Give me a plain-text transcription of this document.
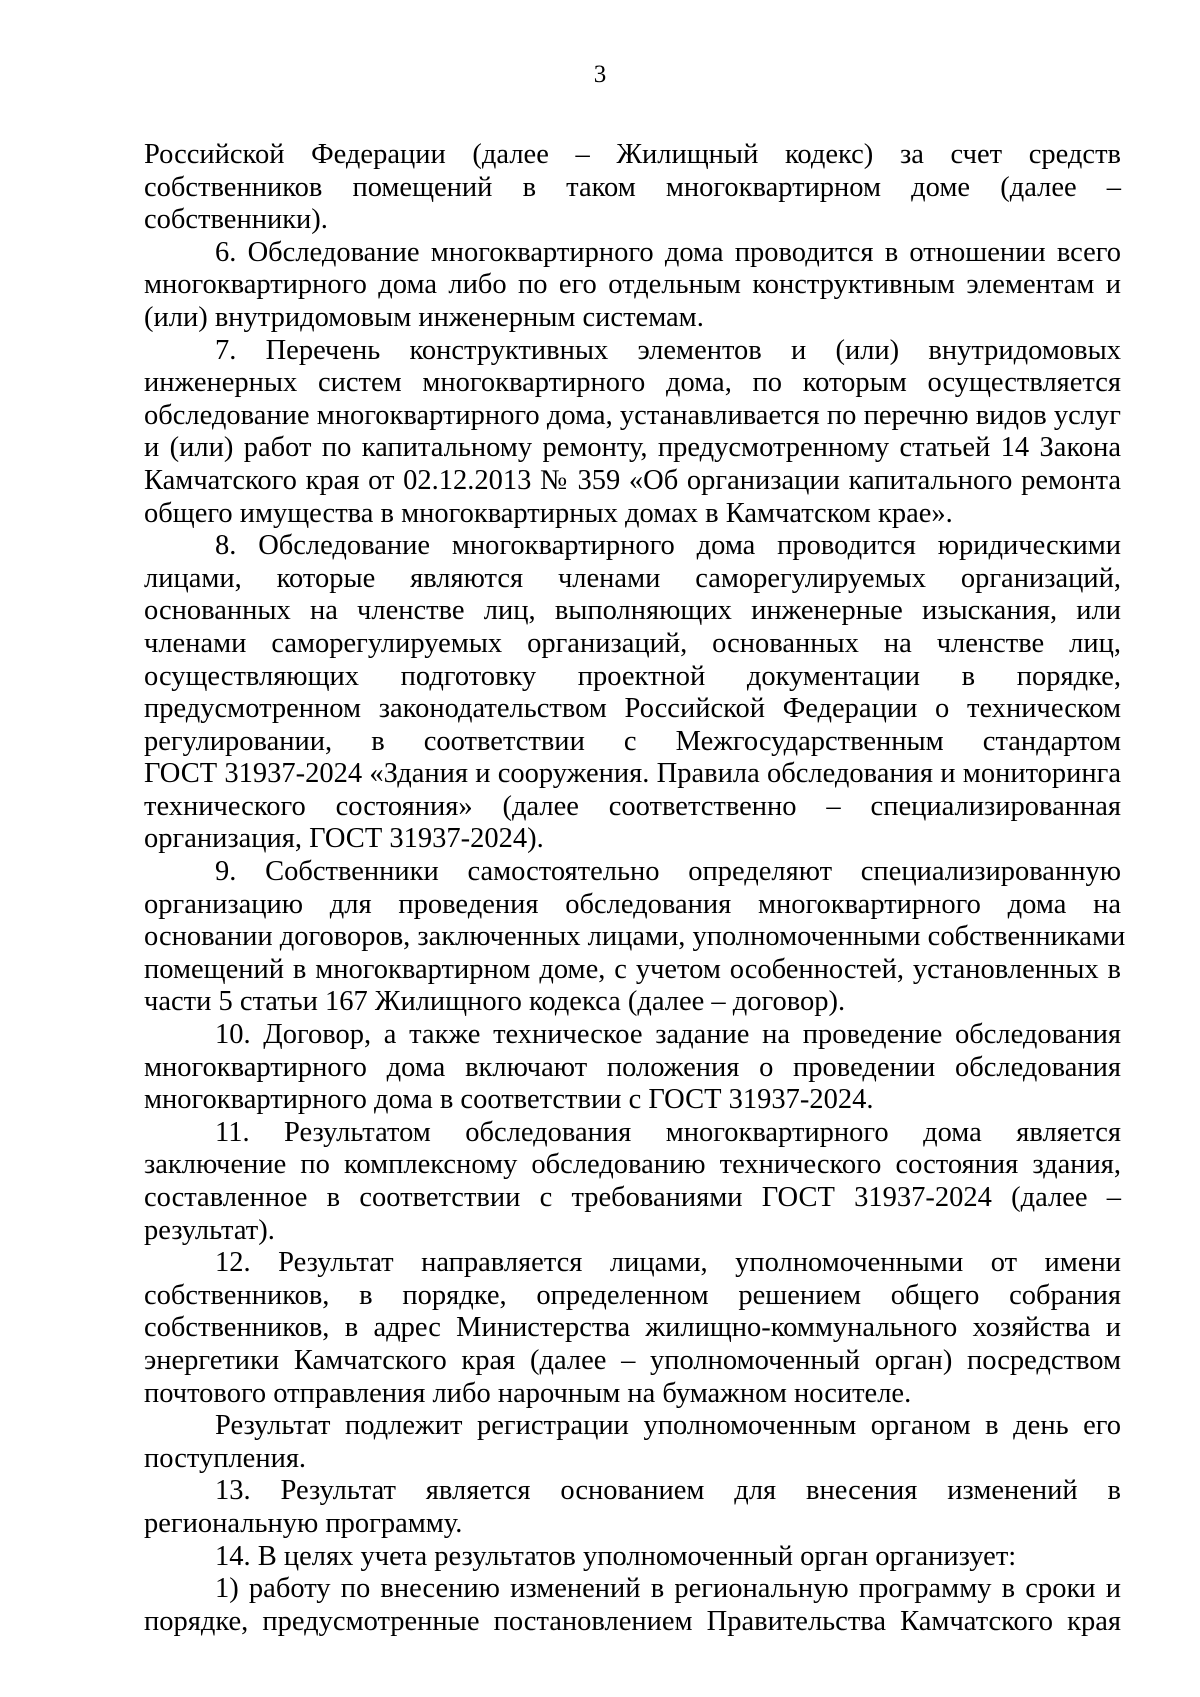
3
Российской Федерации (далее – Жилищный кодекс) за счет средств
собственников помещений в таком многоквартирном доме (далее –
собственники).
6. Обследование многоквартирного дома проводится в отношении всего
многоквартирного дома либо по его отдельным конструктивным элементам и
(или) внутридомовым инженерным системам.
7. Перечень конструктивных элементов и (или) внутридомовых
инженерных систем многоквартирного дома, по которым осуществляется
обследование многоквартирного дома, устанавливается по перечню видов услуг
и (или) работ по капитальному ремонту, предусмотренному статьей 14 Закона
Камчатского края от 02.12.2013 № 359 «Об организации капитального ремонта
общего имущества в многоквартирных домах в Камчатском крае».
8. Обследование многоквартирного дома проводится юридическими
лицами, которые являются членами саморегулируемых организаций,
основанных на членстве лиц, выполняющих инженерные изыскания, или
членами саморегулируемых организаций, основанных на членстве лиц,
осуществляющих подготовку проектной документации в порядке,
предусмотренном законодательством Российской Федерации о техническом
регулировании, в соответствии с Межгосударственным стандартом
ГОСТ 31937-2024 «Здания и сооружения. Правила обследования и мониторинга
технического состояния» (далее соответственно – специализированная
организация, ГОСТ 31937-2024).
9. Собственники самостоятельно определяют специализированную
организацию для проведения обследования многоквартирного дома на
основании договоров, заключенных лицами, уполномоченными собственниками
помещений в многоквартирном доме, с учетом особенностей, установленных в
части 5 статьи 167 Жилищного кодекса (далее – договор).
10. Договор, а также техническое задание на проведение обследования
многоквартирного дома включают положения о проведении обследования
многоквартирного дома в соответствии с ГОСТ 31937-2024.
11. Результатом обследования многоквартирного дома является
заключение по комплексному обследованию технического состояния здания,
составленное в соответствии с требованиями ГОСТ 31937-2024 (далее –
результат).
12. Результат направляется лицами, уполномоченными от имени
собственников, в порядке, определенном решением общего собрания
собственников, в адрес Министерства жилищно-коммунального хозяйства и
энергетики Камчатского края (далее – уполномоченный орган) посредством
почтового отправления либо нарочным на бумажном носителе.
Результат подлежит регистрации уполномоченным органом в день его
поступления.
13. Результат является основанием для внесения изменений в
региональную программу.
14. В целях учета результатов уполномоченный орган организует:
1) работу по внесению изменений в региональную программу в сроки и
порядке, предусмотренные постановлением Правительства Камчатского края
